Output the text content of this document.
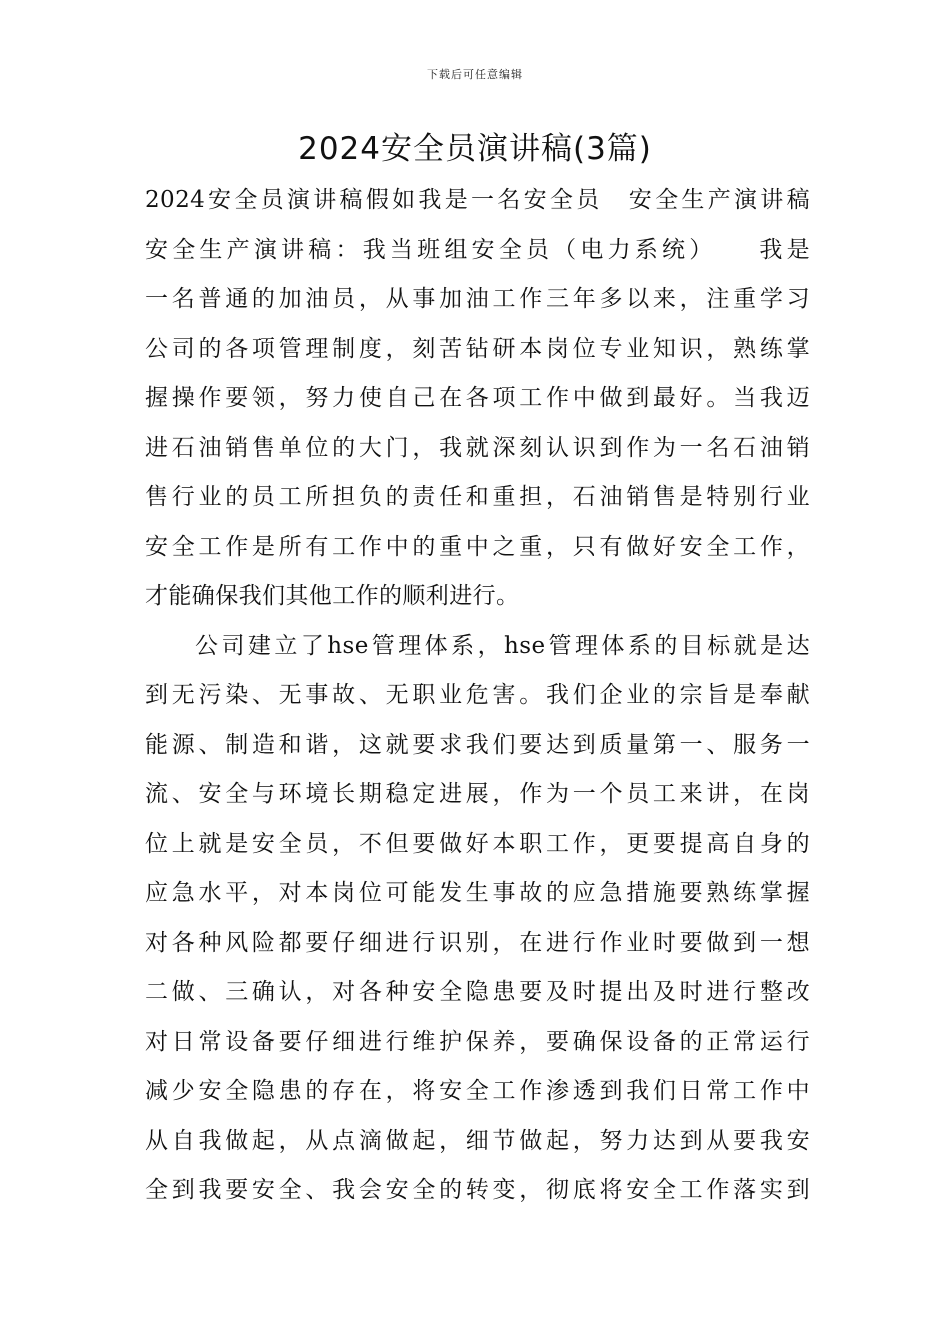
下载后可任意编辑
2024安全员演讲稿(3篇)
2024安全员演讲稿假如我是一名安全员　安全生产演讲稿
安全生产演讲稿：我当班组安全员（电力系统）　　我是
一名普通的加油员，从事加油工作三年多以来，注重学习
公司的各项管理制度，刻苦钻研本岗位专业知识，熟练掌
握操作要领，努力使自己在各项工作中做到最好。当我迈
进石油销售单位的大门，我就深刻认识到作为一名石油销
售行业的员工所担负的责任和重担，石油销售是特别行业
安全工作是所有工作中的重中之重，只有做好安全工作，
才能确保我们其他工作的顺利进行。
公司建立了hse管理体系，hse管理体系的目标就是达
到无污染、无事故、无职业危害。我们企业的宗旨是奉献
能源、制造和谐，这就要求我们要达到质量第一、服务一
流、安全与环境长期稳定进展，作为一个员工来讲，在岗
位上就是安全员，不但要做好本职工作，更要提高自身的
应急水平，对本岗位可能发生事故的应急措施要熟练掌握
对各种风险都要仔细进行识别，在进行作业时要做到一想
二做、三确认，对各种安全隐患要及时提出及时进行整改
对日常设备要仔细进行维护保养，要确保设备的正常运行
减少安全隐患的存在，将安全工作渗透到我们日常工作中
从自我做起，从点滴做起，细节做起，努力达到从要我安
全到我要安全、我会安全的转变，彻底将安全工作落实到
